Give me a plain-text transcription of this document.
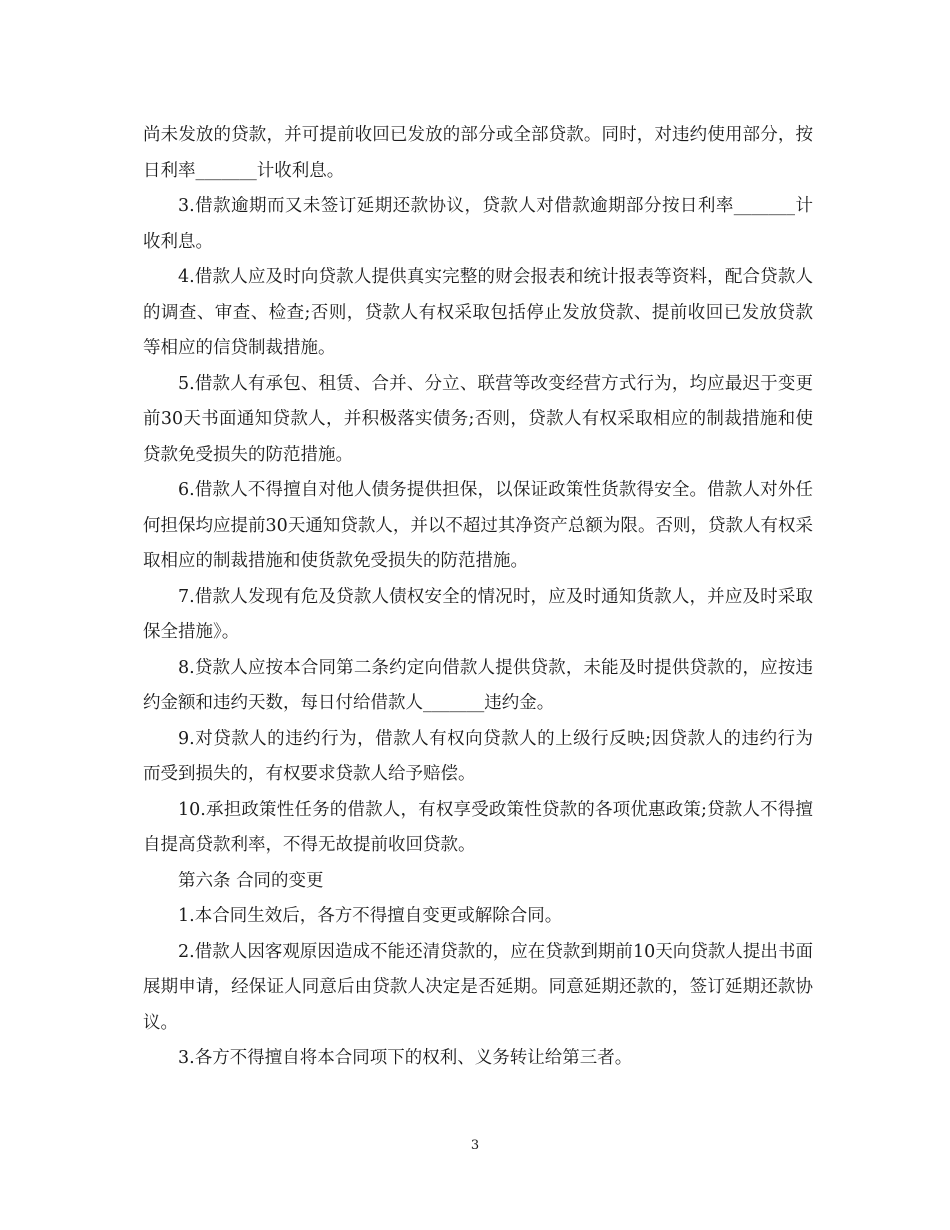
尚未发放的贷款，并可提前收回已发放的部分或全部贷款。同时，对违约使用部分，按日利率_______计收利息。

3.借款逾期而又未签订延期还款协议，贷款人对借款逾期部分按日利率_______计收利息。

4.借款人应及时向贷款人提供真实完整的财会报表和统计报表等资料，配合贷款人的调查、审查、检查;否则，贷款人有权采取包括停止发放贷款、提前收回已发放贷款等相应的信贷制裁措施。

5.借款人有承包、租赁、合并、分立、联营等改变经营方式行为，均应最迟于变更前30天书面通知贷款人，并积极落实债务;否则，贷款人有权采取相应的制裁措施和使贷款免受损失的防范措施。

6.借款人不得擅自对他人债务提供担保，以保证政策性货款得安全。借款人对外任何担保均应提前30天通知贷款人，并以不超过其净资产总额为限。否则，贷款人有权采取相应的制裁措施和使货款免受损失的防范措施。

7.借款人发现有危及贷款人债权安全的情况时，应及时通知货款人，并应及时采取保全措施》。

8.贷款人应按本合同第二条约定向借款人提供贷款，未能及时提供贷款的，应按违约金额和违约天数，每日付给借款人_______违约金。

9.对贷款人的违约行为，借款人有权向贷款人的上级行反映;因贷款人的违约行为而受到损失的，有权要求贷款人给予赔偿。

10.承担政策性任务的借款人，有权享受政策性贷款的各项优惠政策;贷款人不得擅自提高贷款利率，不得无故提前收回贷款。

第六条 合同的变更

1.本合同生效后，各方不得擅自变更或解除合同。

2.借款人因客观原因造成不能还清贷款的，应在贷款到期前10天向贷款人提出书面展期申请，经保证人同意后由贷款人决定是否延期。同意延期还款的，签订延期还款协议。

3.各方不得擅自将本合同项下的权利、义务转让给第三者。

3
